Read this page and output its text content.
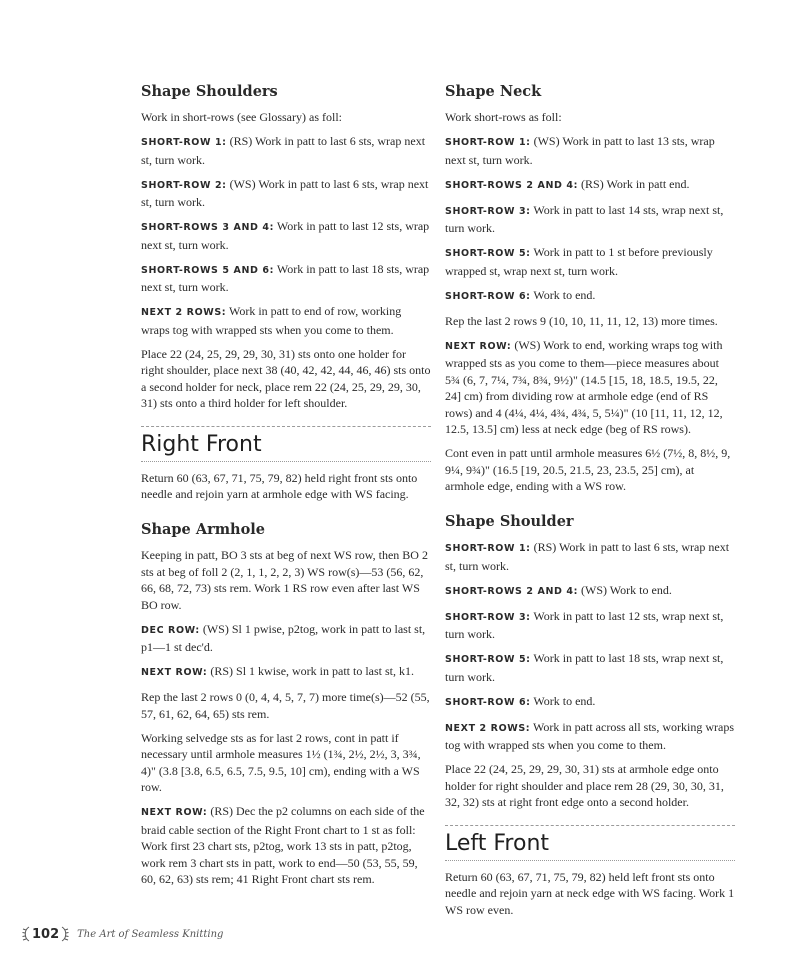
Shape Shoulders

Work in short-rows (see Glossary) as foll:

SHORT-ROW 1: (RS) Work in patt to last 6 sts, wrap next st, turn work.

SHORT-ROW 2: (WS) Work in patt to last 6 sts, wrap next st, turn work.

SHORT-ROWS 3 AND 4: Work in patt to last 12 sts, wrap next st, turn work.

SHORT-ROWS 5 AND 6: Work in patt to last 18 sts, wrap next st, turn work.

NEXT 2 ROWS: Work in patt to end of row, working wraps tog with wrapped sts when you come to them.

Place 22 (24, 25, 29, 29, 30, 31) sts onto one holder for right shoulder, place next 38 (40, 42, 42, 44, 46, 46) sts onto a second holder for neck, place rem 22 (24, 25, 29, 29, 30, 31) sts onto a third holder for left shoulder.

Right Front

Return 60 (63, 67, 71, 75, 79, 82) held right front sts onto needle and rejoin yarn at armhole edge with WS facing.

Shape Armhole

Keeping in patt, BO 3 sts at beg of next WS row, then BO 2 sts at beg of foll 2 (2, 1, 1, 2, 2, 3) WS row(s)—53 (56, 62, 66, 68, 72, 73) sts rem. Work 1 RS row even after last WS BO row.

DEC ROW: (WS) Sl 1 pwise, p2tog, work in patt to last st, p1—1 st dec'd.

NEXT ROW: (RS) Sl 1 kwise, work in patt to last st, k1.

Rep the last 2 rows 0 (0, 4, 4, 5, 7, 7) more time(s)—52 (55, 57, 61, 62, 64, 65) sts rem.

Working selvedge sts as for last 2 rows, cont in patt if necessary until armhole measures 1½ (1¾, 2½, 2½, 3, 3¾, 4)" (3.8 [3.8, 6.5, 6.5, 7.5, 9.5, 10] cm), ending with a WS row.

NEXT ROW: (RS) Dec the p2 columns on each side of the braid cable section of the Right Front chart to 1 st as foll: Work first 23 chart sts, p2tog, work 13 sts in patt, p2tog, work rem 3 chart sts in patt, work to end—50 (53, 55, 59, 60, 62, 63) sts rem; 41 Right Front chart sts rem.

Shape Neck

Work short-rows as foll:

SHORT-ROW 1: (WS) Work in patt to last 13 sts, wrap next st, turn work.

SHORT-ROWS 2 AND 4: (RS) Work in patt end.

SHORT-ROW 3: Work in patt to last 14 sts, wrap next st, turn work.

SHORT-ROW 5: Work in patt to 1 st before previously wrapped st, wrap next st, turn work.

SHORT-ROW 6: Work to end.

Rep the last 2 rows 9 (10, 10, 11, 11, 12, 13) more times.

NEXT ROW: (WS) Work to end, working wraps tog with wrapped sts as you come to them—piece measures about 5¾ (6, 7, 7¼, 7¾, 8¾, 9½)" (14.5 [15, 18, 18.5, 19.5, 22, 24] cm) from dividing row at armhole edge (end of RS rows) and 4 (4¼, 4¼, 4¾, 4¾, 5, 5¼)" (10 [11, 11, 12, 12, 12.5, 13.5] cm) less at neck edge (beg of RS rows).

Cont even in patt until armhole measures 6½ (7½, 8, 8½, 9, 9¼, 9¾)" (16.5 [19, 20.5, 21.5, 23, 23.5, 25] cm), at armhole edge, ending with a WS row.

Shape Shoulder

SHORT-ROW 1: (RS) Work in patt to last 6 sts, wrap next st, turn work.

SHORT-ROWS 2 AND 4: (WS) Work to end.

SHORT-ROW 3: Work in patt to last 12 sts, wrap next st, turn work.

SHORT-ROW 5: Work in patt to last 18 sts, wrap next st, turn work.

SHORT-ROW 6: Work to end.

NEXT 2 ROWS: Work in patt across all sts, working wraps tog with wrapped sts when you come to them.

Place 22 (24, 25, 29, 29, 30, 31) sts at armhole edge onto holder for right shoulder and place rem 28 (29, 30, 30, 31, 32, 32) sts at right front edge onto a second holder.

Left Front

Return 60 (63, 67, 71, 75, 79, 82) held left front sts onto needle and rejoin yarn at neck edge with WS facing. Work 1 WS row even.

102 The Art of Seamless Knitting
